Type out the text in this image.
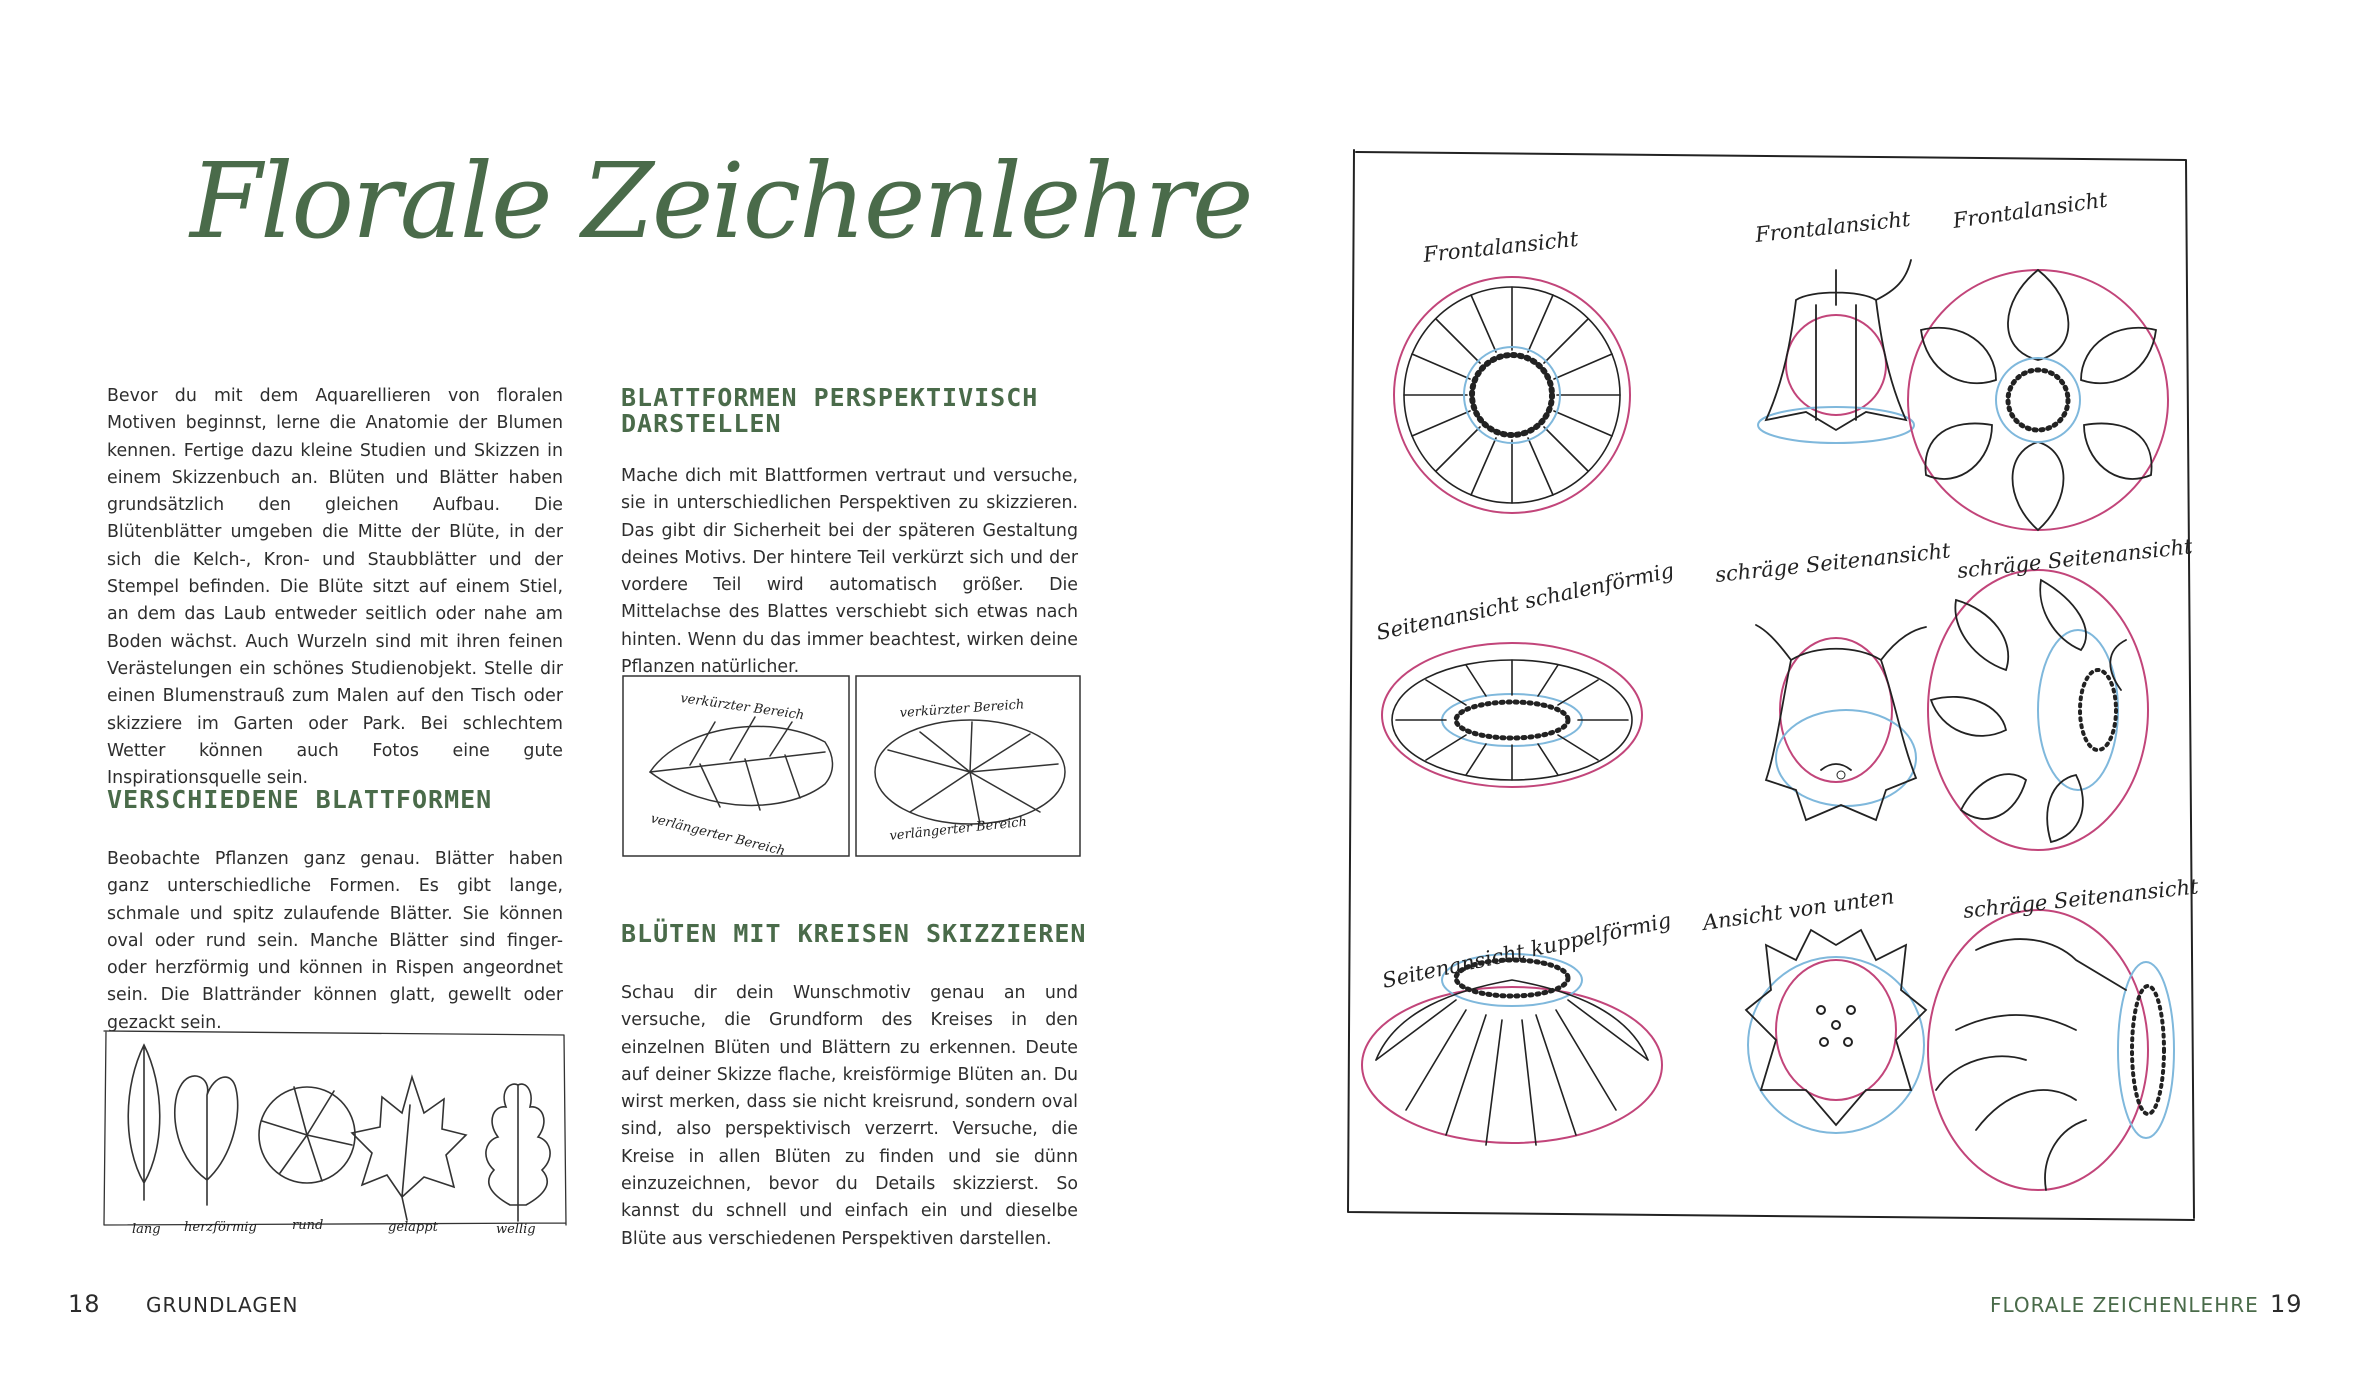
Florale Zeichenlehre

Bevor du mit dem Aquarellieren von floralen Motiven beginnst, lerne die Anatomie der Blumen kennen. Fertige dazu kleine Studien und Skizzen in einem Skizzenbuch an. Blüten und Blätter haben grundsätzlich den gleichen Aufbau. Die Blütenblätter umgeben die Mitte der Blüte, in der sich die Kelch-, Kron- und Staubblätter und der Stempel befinden. Die Blüte sitzt auf einem Stiel, an dem das Laub entweder seitlich oder nahe am Boden wächst. Auch Wurzeln sind mit ihren feinen Verästelungen ein schönes Studienobjekt. Stelle dir einen Blumenstrauß zum Malen auf den Tisch oder skizziere im Garten oder Park. Bei schlechtem Wetter können auch Fotos eine gute Inspirationsquelle sein.

VERSCHIEDENE BLATTFORMEN

Beobachte Pflanzen ganz genau. Blätter haben ganz unterschiedliche Formen. Es gibt lange, schmale und spitz zulaufende Blätter. Sie können oval oder rund sein. Manche Blätter sind finger- oder herzförmig und können in Rispen angeordnet sein. Die Blattränder können glatt, gewellt oder gezackt sein.

lang herzförmig	rund	gelappt	wellig
BLATTFORMEN PERSPEKTIVISCH
DARSTELLEN

Mache dich mit Blattformen vertraut und versuche, sie in unterschiedlichen Perspektiven zu skizzieren. Das gibt dir Sicherheit bei der späteren Gestaltung deines Motivs. Der hintere Teil verkürzt sich und der vordere Teil wird automatisch größer. Die Mittelachse des Blattes verschiebt sich etwas nach hinten. Wenn du das immer beachtest, wirken deine Pflanzen natürlicher.

verkürzter Bereich
verlängerter Bereich
verkürzter Bereich
verlängerter Bereich
BLÜTEN MIT KREISEN SKIZZIEREN

Schau dir dein Wunschmotiv genau an und versuche, die Grundform des Kreises in den einzelnen Blüten und Blättern zu erkennen. Deute auf deiner Skizze flache, kreisförmige Blüten an. Du wirst merken, dass sie nicht kreisrund, sondern oval sind, also perspektivisch verzerrt. Versuche, die Kreise in allen Blüten zu finden und sie dünn einzuzeichnen, bevor du Details skizzierst. So kannst du schnell und einfach ein und dieselbe Blüte aus verschiedenen Perspektiven darstellen.

Frontalansicht	Frontalansicht Frontalansicht
Seitenansicht schalenförmig schräge Seitenansicht schräge Seitenansicht
Seitenansicht kuppelförmig Ansicht von unten	schräge Seitenansicht
18 GRUNDLAGEN	FLORALE ZEICHENLEHRE 19
